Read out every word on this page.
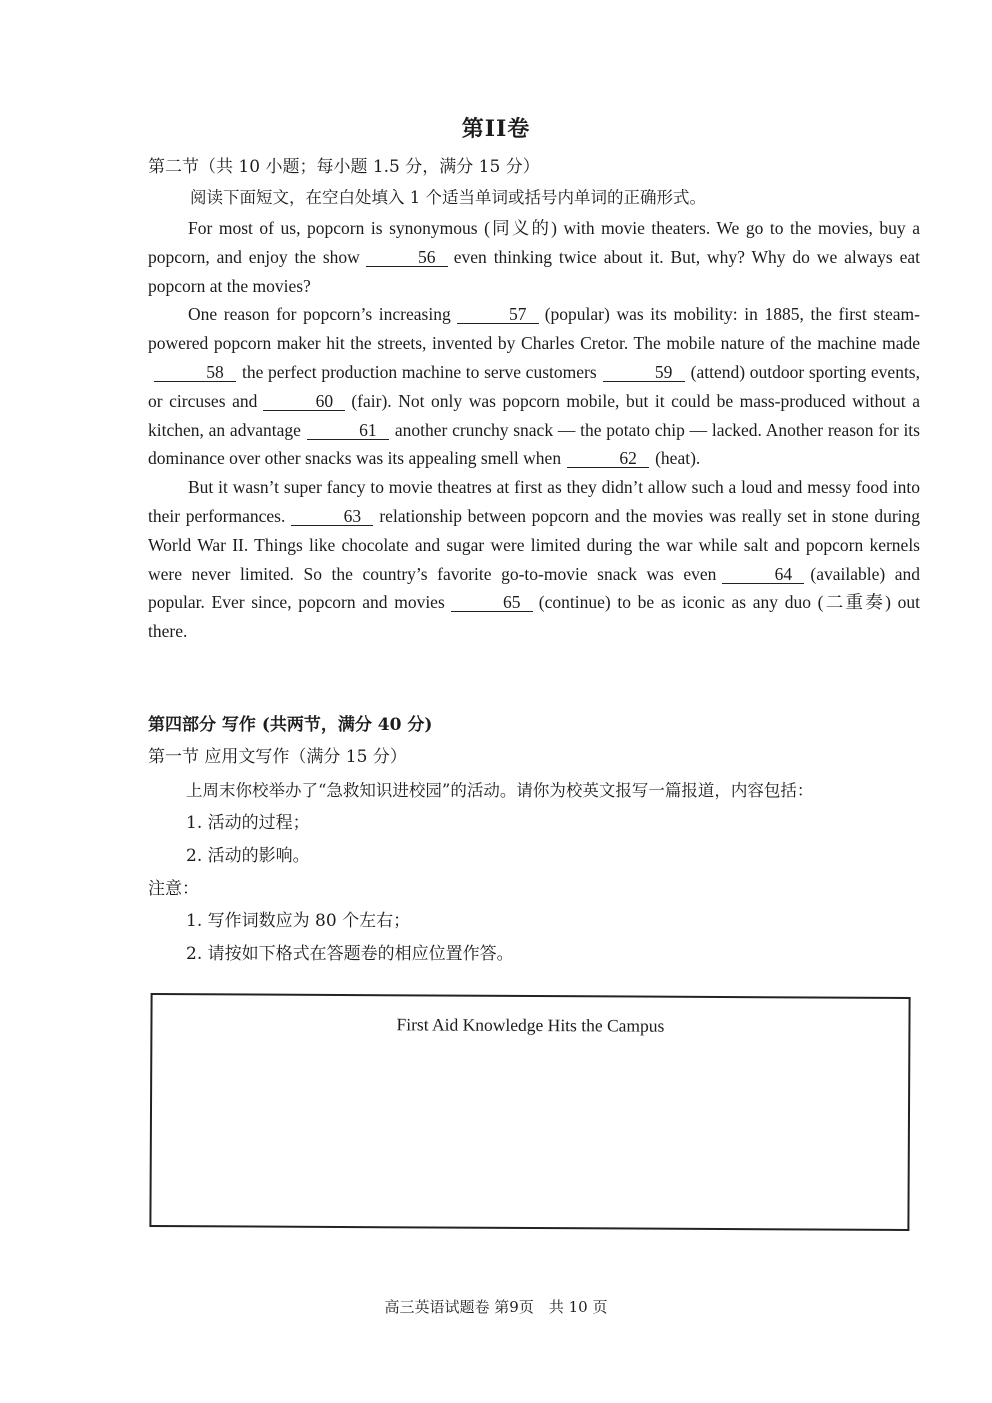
第II卷
第二节（共 10 小题；每小题 1.5 分，满分 15 分）
阅读下面短文，在空白处填入 1 个适当单词或括号内单词的正确形式。

For most of us, popcorn is synonymous (同义的) with movie theaters. We go to the movies, buy a popcorn, and enjoy the show	56 even thinking twice about it. But, why? Why do we always eat popcorn at the movies?

One reason for popcorn’s increasing	57 (popular) was its mobility: in 1885, the first steam-powered popcorn maker hit the streets, invented by Charles Cretor. The mobile nature of the machine made58 the perfect production machine to serve customers	59 (attend) outdoor sporting events, or circuses and	60 (fair). Not only was popcorn mobile, but it could be mass-produced without a kitchen, an advantage	61 another crunchy snack — the potato chip — lacked. Another reason for its dominance over other snacks was its appealing smell when	62 (heat).

But it wasn’t super fancy to movie theatres at first as they didn’t allow such a loud and messy food into their performances.	63 relationship between popcorn and the movies was really set in stone during World War II. Things like chocolate and sugar were limited during the war while salt and popcorn kernels were never limited. So the country’s favorite go-to-movie snack was even	64 (available) and popular. Ever since, popcorn and movies	65 (continue) to be as iconic as any duo (二重奏) out there.

第四部分 写作 (共两节，满分 40 分)
第一节 应用文写作（满分 15 分）
上周末你校举办了“急救知识进校园”的活动。请你为校英文报写一篇报道，内容包括：
1. 活动的过程；
2. 活动的影响。
注意：
1. 写作词数应为 80 个左右；
2. 请按如下格式在答题卷的相应位置作答。
First Aid Knowledge Hits the Campus
高三英语试题卷 第9页　共 10 页
